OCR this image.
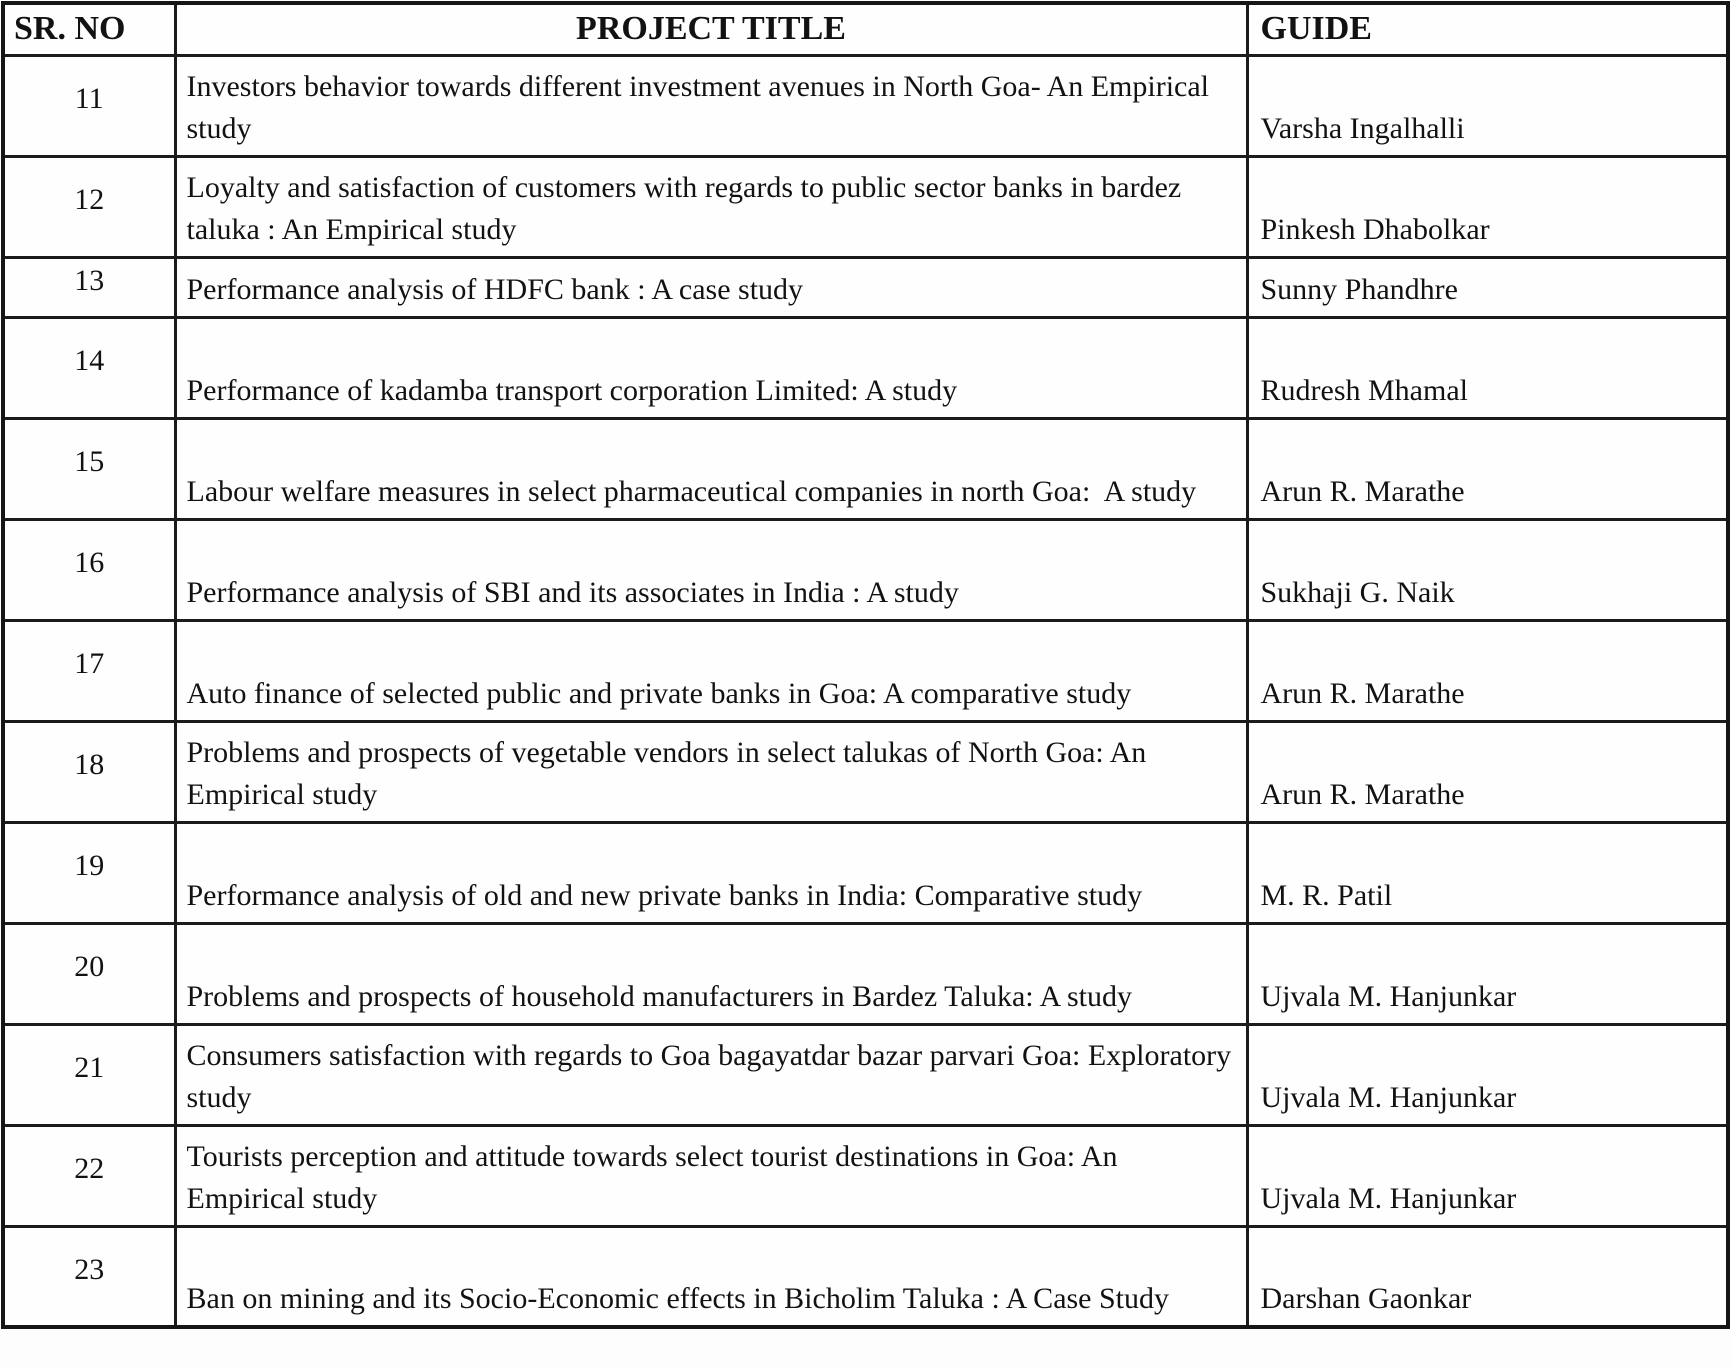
SR. NO	PROJECT TITLE	GUIDE
11	Investors behavior towards different investment avenues in North Goa- An Empirical study	Varsha Ingalhalli
12	Loyalty and satisfaction of customers with regards to public sector banks in bardez taluka : An Empirical study	Pinkesh Dhabolkar
13	Performance analysis of HDFC bank : A case study	Sunny Phandhre
14	Performance of kadamba transport corporation Limited: A study	Rudresh Mhamal
15	Labour welfare measures in select pharmaceutical companies in north Goa:  A study	Arun R. Marathe
16	Performance analysis of SBI and its associates in India : A study	Sukhaji G. Naik
17	Auto finance of selected public and private banks in Goa: A comparative study	Arun R. Marathe
18	Problems and prospects of vegetable vendors in select talukas of North Goa: An Empirical study	Arun R. Marathe
19	Performance analysis of old and new private banks in India: Comparative study	M. R. Patil
20	Problems and prospects of household manufacturers in Bardez Taluka: A study	Ujvala M. Hanjunkar
21	Consumers satisfaction with regards to Goa bagayatdar bazar parvari Goa: Exploratory study	Ujvala M. Hanjunkar
22	Tourists perception and attitude towards select tourist destinations in Goa: An Empirical study	Ujvala M. Hanjunkar
23	Ban on mining and its Socio-Economic effects in Bicholim Taluka : A Case Study	Darshan Gaonkar
